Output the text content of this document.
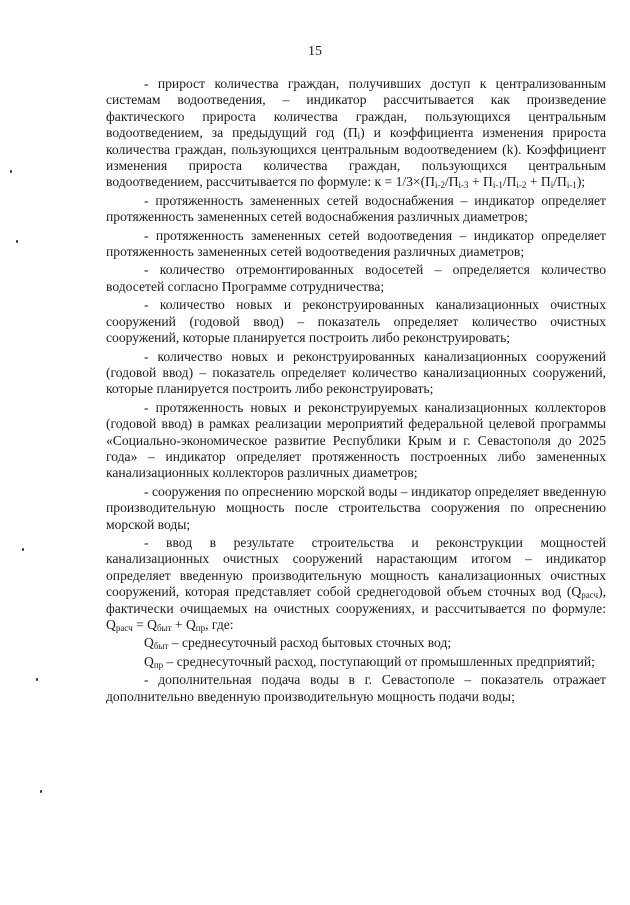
15

- прирост количества граждан, получивших доступ к централизованным системам водоотведения, – индикатор рассчитывается как произведение фактического прироста количества граждан, пользующихся центральным водоотведением, за предыдущий год $(П_i)$ и коэффициента изменения прироста количества граждан, пользующихся центральным водоотведением (k). Коэффициент изменения прироста количества граждан, пользующихся центральным водоотведением, рассчитывается по формуле: $к = 1/3\times(П_{i-2}/П_{i-3} + П_{i-1}/П_{i-2} + П_i/П_{i-1})$;

- протяженность замененных сетей водоснабжения – индикатор определяет протяженность замененных сетей водоснабжения различных диаметров;

- протяженность замененных сетей водоотведения – индикатор определяет протяженность замененных сетей водоотведения различных диаметров;

- количество отремонтированных водосетей – определяется количество водосетей согласно Программе сотрудничества;

- количество новых и реконструированных канализационных очистных сооружений (годовой ввод) – показатель определяет количество очистных сооружений, которые планируется построить либо реконструировать;

- количество новых и реконструированных канализационных сооружений (годовой ввод) – показатель определяет количество канализационных сооружений, которые планируется построить либо реконструировать;

- протяженность новых и реконструируемых канализационных коллекторов (годовой ввод) в рамках реализации мероприятий федеральной целевой программы «Социально-экономическое развитие Республики Крым и г. Севастополя до 2025 года» – индикатор определяет протяженность построенных либо замененных канализационных коллекторов различных диаметров;

- сооружения по опреснению морской воды – индикатор определяет введенную производительную мощность после строительства сооружения по опреснению морской воды;

- ввод в результате строительства и реконструкции мощностей канализационных очистных сооружений нарастающим итогом – индикатор определяет введенную производительную мощность канализационных очистных сооружений, которая представляет собой среднегодовой объем сточных вод $(Q_{расч})$, фактически очищаемых на очистных сооружениях, и рассчитывается по формуле: $Q_{расч} = Q_{быт} + Q_{пр}$, где:

$Q_{быт}$ – среднесуточный расход бытовых сточных вод;

$Q_{пр}$ – среднесуточный расход, поступающий от промышленных предприятий;

- дополнительная подача воды в г. Севастополе – показатель отражает дополнительно введенную производительную мощность подачи воды;
